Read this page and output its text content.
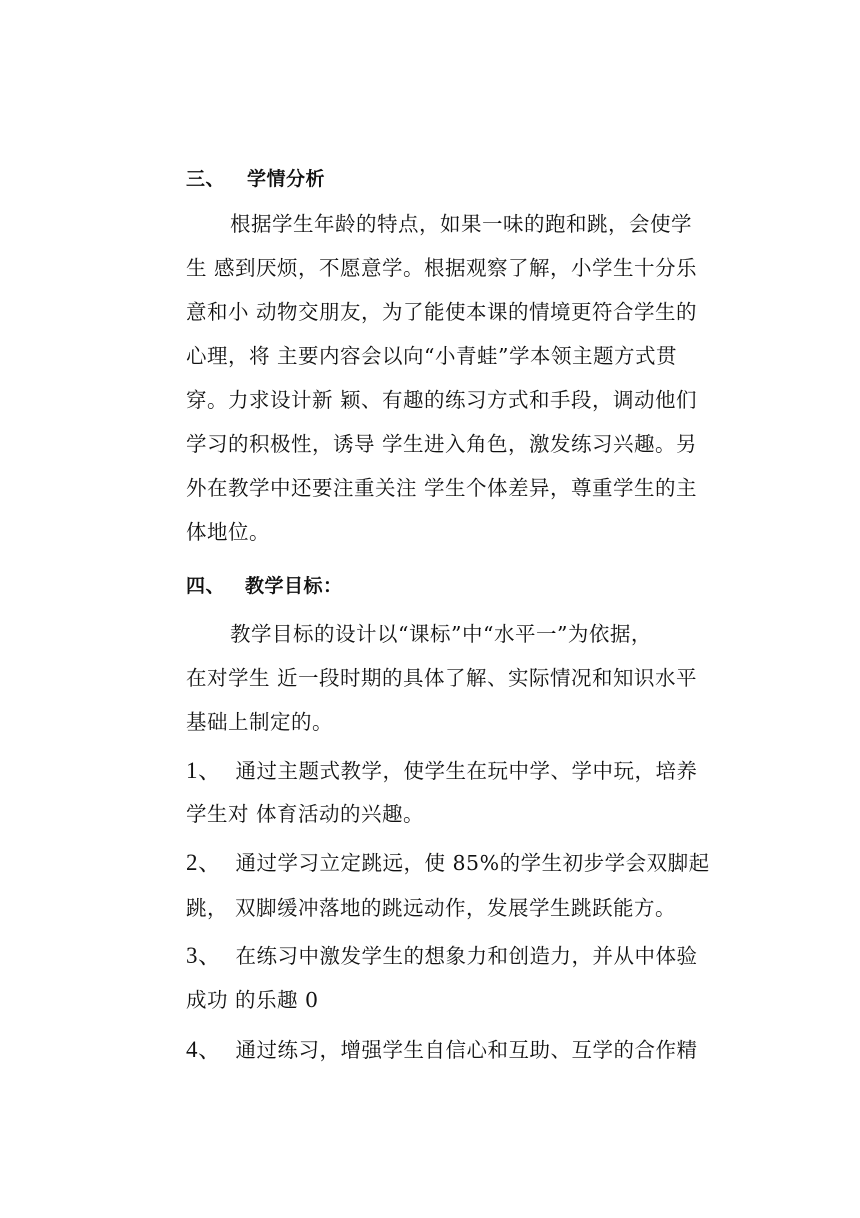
三、 学情分析
根据学生年龄的特点，如果一味的跑和跳，会使学
生 感到厌烦，不愿意学。根据观察了解，小学生十分乐
意和小 动物交朋友，为了能使本课的情境更符合学生的
心理，将 主要内容会以向“小青蛙”学本领主题方式贯
穿。力求设计新 颖、有趣的练习方式和手段，调动他们
学习的积极性，诱导 学生进入角色，激发练习兴趣。另
外在教学中还要注重关注 学生个体差异，尊重学生的主
体地位。
四、 教学目标：
教学目标的设计以“课标”中“水平一”为依据，
在对学生 近一段时期的具体了解、实际情况和知识水平
基础上制定的。
1、 通过主题式教学，使学生在玩中学、学中玩，培养
学生对 体育活动的兴趣。
2、 通过学习立定跳远，使 85%的学生初步学会双脚起
跳， 双脚缓冲落地的跳远动作，发展学生跳跃能方。
3、 在练习中激发学生的想象力和创造力，并从中体验
成功 的乐趣 0
4、 通过练习，增强学生自信心和互助、互学的合作精
